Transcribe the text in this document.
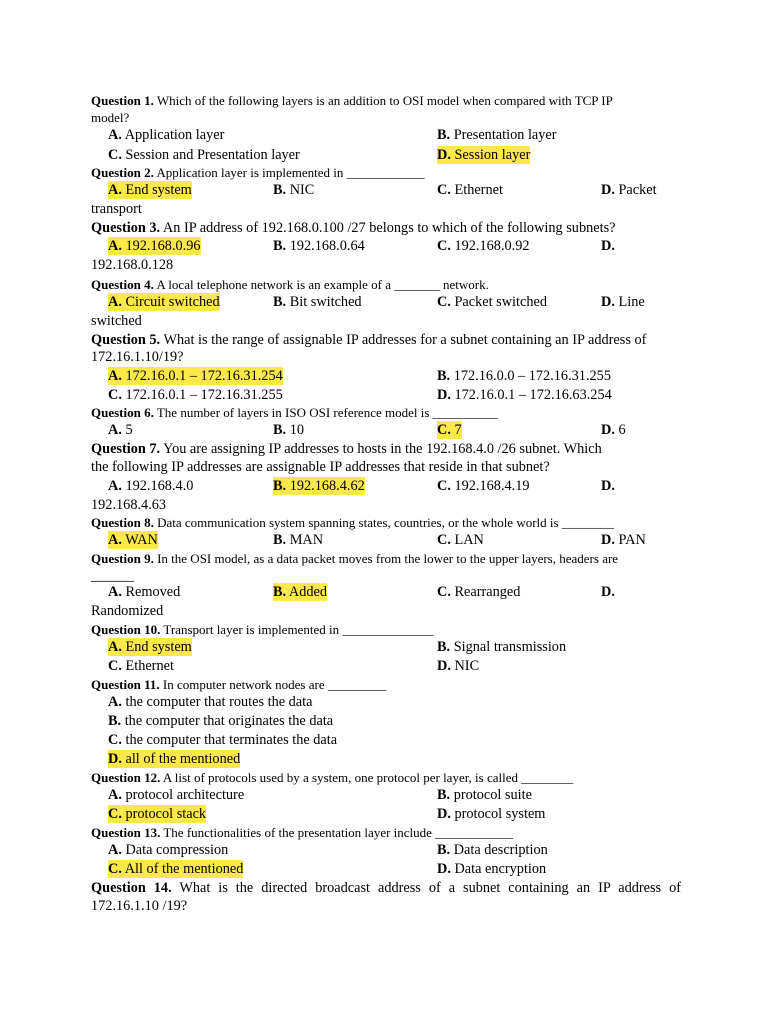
Question 1. Which of the following layers is an addition to OSI model when compared with TCP IP
model?
A. Application layer	B. Presentation layer
C. Session and Presentation layer	D. Session layer
Question 2. Application layer is implemented in ____________
A. End system	B. NIC	C. Ethernet	D. Packet
transport
Question 3. An IP address of 192.168.0.100 /27 belongs to which of the following subnets?
A. 192.168.0.96	B. 192.168.0.64	C. 192.168.0.92	D.
192.168.0.128
Question 4. A local telephone network is an example of a _______ network.
A. Circuit switched	B. Bit switched	C. Packet switched	D. Line
switched
Question 5. What is the range of assignable IP addresses for a subnet containing an IP address of
172.16.1.10/19?
A. 172.16.0.1 – 172.16.31.254	B. 172.16.0.0 – 172.16.31.255
C. 172.16.0.1 – 172.16.31.255	D. 172.16.0.1 – 172.16.63.254
Question 6. The number of layers in ISO OSI reference model is __________
A. 5	B. 10	C. 7	D. 6
Question 7. You are assigning IP addresses to hosts in the 192.168.4.0 /26 subnet. Which
the following IP addresses are assignable IP addresses that reside in that subnet?
A. 192.168.4.0	B. 192.168.4.62	C. 192.168.4.19	D.
192.168.4.63
Question 8. Data communication system spanning states, countries, or the whole world is ________
A. WAN	B. MAN	C. LAN	D. PAN
Question 9. In the OSI model, as a data packet moves from the lower to the upper layers, headers are
______
A. Removed	B. Added	C. Rearranged	D.
Randomized
Question 10. Transport layer is implemented in ______________
A. End system	B. Signal transmission
C. Ethernet	D. NIC
Question 11. In computer network nodes are _________
A. the computer that routes the data
B. the computer that originates the data
C. the computer that terminates the data
D. all of the mentioned
Question 12. A list of protocols used by a system, one protocol per layer, is called ________
A. protocol architecture	B. protocol suite
C. protocol stack	D. protocol system
Question 13. The functionalities of the presentation layer include ____________
A. Data compression	B. Data description
C. All of the mentioned	D. Data encryption
Question 14. What is the directed broadcast address of a subnet containing an IP address of
172.16.1.10 /19?
